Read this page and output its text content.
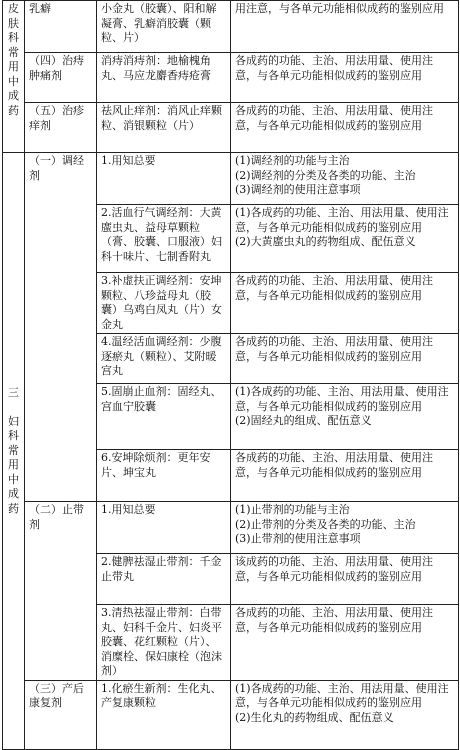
皮肤科常用中成药	乳癖	小金丸（胶囊）、阳和解凝膏、乳癖消胶囊（颗粒、片）	用注意，与各单元功能相似成药的鉴别应用
	（四）治痔肿痛剂	消痔消痔剂：地榆槐角丸、马应龙麝香痔疮膏	各成药的功能、主治、用法用量、使用注意，与各单元功能相似成药的鉴别应用
	（五）治疹痒剂	祛风止痒剂：消风止痒颗粒、消银颗粒（片）	各成药的功能、主治、用法用量、使用注意，与各单元功能相似成药的鉴别应用
三

妇科常用中成药	（一）调经剂	1.用知总要	(1)调经剂的功能与主治
(2)调经剂的分类及各类的功能、主治
(3)调经剂的使用注意事项

		2.活血行气调经剂：大黄䗪虫丸、益母草颗粒（膏、胶囊、口服液）妇科十味片、七制香附丸	(1)各成药的功能、主治、用法用量、使用注意，与各单元功能相似成药的鉴别应用
(2)大黄䗪虫丸的药物组成、配伍意义

		3.补虚扶正调经剂：安坤颗粒、八珍益母丸（胶囊）乌鸡白凤丸（片）女金丸	各成药的功能、主治、用法用量、使用注意，与各单元功能相似成药的鉴别应用
		4.温经活血调经剂：少腹逐瘀丸（颗粒）、艾附暖宫丸	各成药的功能、主治、用法用量、使用注意，与各单元功能相似成药的鉴别应用
		5.固崩止血剂：固经丸、宫血宁胶囊	(1)各成药的功能、主治、用法用量、使用注意，与各单元功能相似成药的鉴别应用
(2)固经丸的组成、配伍意义

		6.安坤除烦剂：更年安片、坤宝丸	各成药的功能、主治、用法用量、使用注意，与各单元功能相似成药的鉴别应用
	（二）止带剂	1.用知总要	(1)止带剂的功能与主治
(2)止带剂的分类及各类的功能、主治
(3)止带剂的使用注意事项

		2.健脾祛湿止带剂：千金止带丸	该成药的功能、主治、用法用量、使用注意，与各单元功能相似成药的鉴别应用
		3.清热祛湿止带剂：白带丸、妇科千金片、妇炎平胶囊、花红颗粒（片）、消糜栓、保妇康栓（泡沫剂）	各成药的功能、主治、用法用量、使用注意，与各单元功能相似成药的鉴别应用
	（三）产后康复剂	1.化瘀生新剂：生化丸、产复康颗粒	(1)各成药的功能、主治、用法用量、使用注意，与各单元功能相似成药的鉴别应用
(2)生化丸的药物组成、配伍意义
